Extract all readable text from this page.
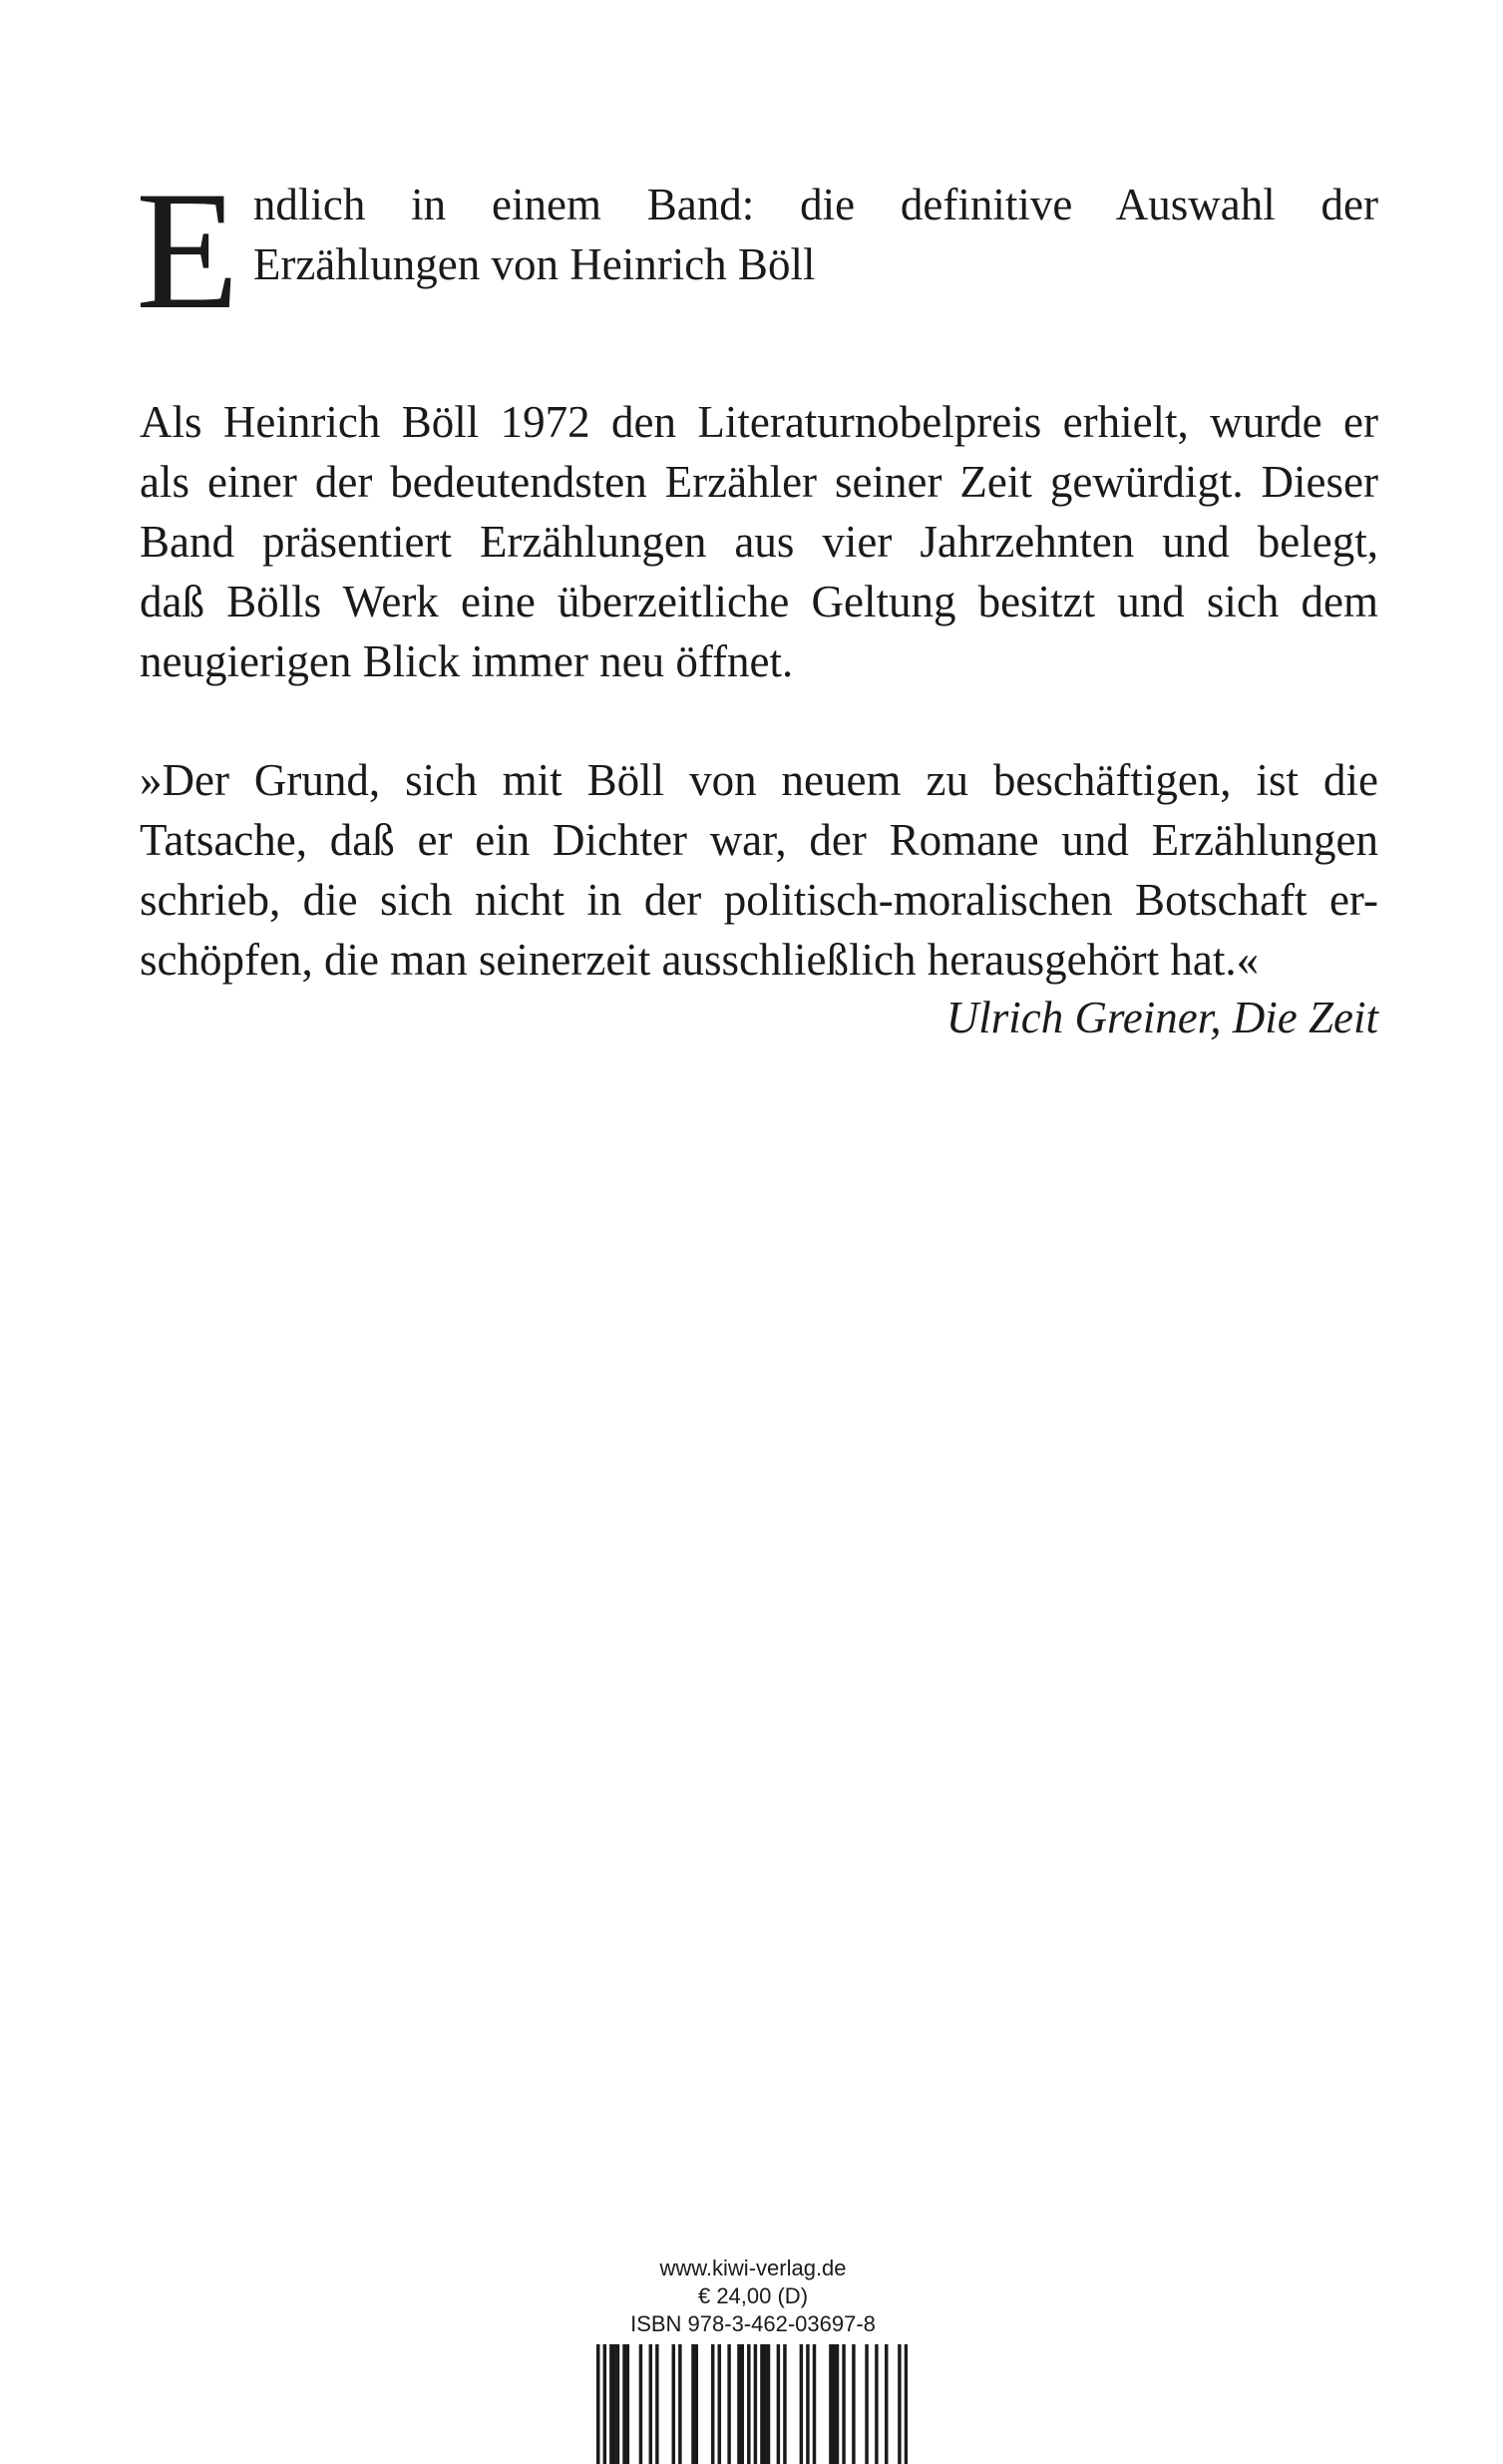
E ndlich in einem Band: die definitive Auswahl der
Erzählungen von Heinrich Böll
Als Heinrich Böll 1972 den Literaturnobelpreis erhielt, wurde er
als einer der bedeutendsten Erzähler seiner Zeit gewürdigt. Dieser
Band präsentiert Erzählungen aus vier Jahrzehnten und belegt,
daß Bölls Werk eine überzeitliche Geltung besitzt und sich dem
neugierigen Blick immer neu öffnet.
»Der Grund, sich mit Böll von neuem zu beschäftigen, ist die
Tatsache, daß er ein Dichter war, der Romane und Erzählungen
schrieb, die sich nicht in der politisch-moralischen Botschaft er-
schöpfen, die man seinerzeit ausschließlich herausgehört hat.«
Ulrich Greiner, Die Zeit
www.kiwi-verlag.de
€ 24,00 (D)
ISBN 978-3-462-03697-8
